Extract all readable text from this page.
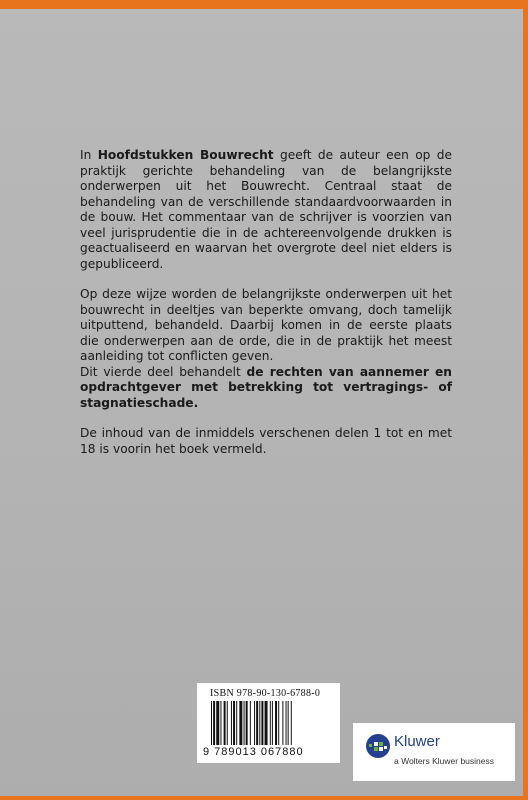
In Hoofdstukken Bouwrecht geeft de auteur een op de praktijk gerichte behandeling van de belangrijkste onderwerpen uit het Bouwrecht. Centraal staat de behandeling van de verschillende standaardvoorwaarden in de bouw. Het commentaar van de schrijver is voorzien van veel jurisprudentie die in de achtereenvolgende drukken is geactualiseerd en waarvan het overgrote deel niet elders is gepubliceerd.

Op deze wijze worden de belangrijkste onderwerpen uit het bouwrecht in deeltjes van beperkte omvang, doch tamelijk uitputtend, behandeld. Daarbij komen in de eerste plaats die onderwerpen aan de orde, die in de praktijk het meest aanleiding tot conflicten geven.

Dit vierde deel behandelt de rechten van aannemer en opdrachtgever met betrekking tot vertragings- of stagnatieschade.

De inhoud van de inmiddels verschenen delen 1 tot en met 18 is voorin het boek vermeld.

ISBN 978-90-130-6788-0
9 789013 067880
Kluwer
a Wolters Kluwer business
